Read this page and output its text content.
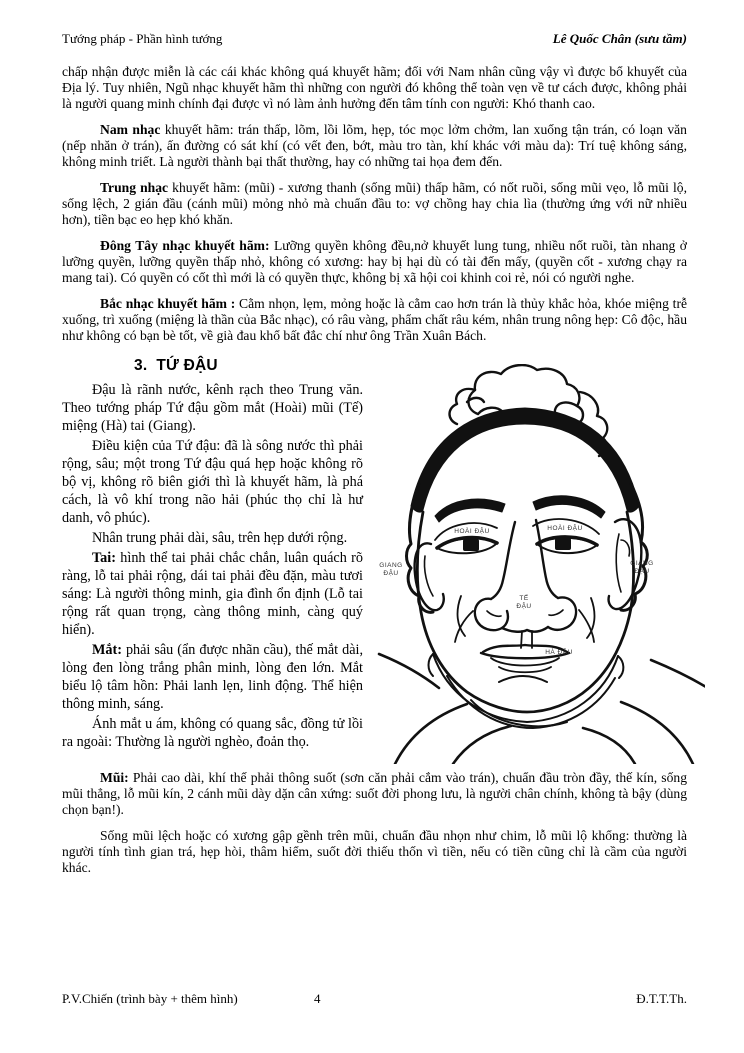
Tướng pháp - Phần hình tướng	Lê Quốc Chân (sưu tầm)

chấp nhận được miễn là các cái khác không quá khuyết hãm; đối với Nam nhân cũng vậy vì được bổ khuyết của Địa lý. Tuy nhiên, Ngũ nhạc khuyết hãm thì những con người đó không thể toàn vẹn về tư cách được, không phải là người quang minh chính đại được vì nó làm ảnh hưởng đến tâm tính con người: Khó thanh cao.

Nam nhạc khuyết hãm: trán thấp, lõm, lồi lõm, hẹp, tóc mọc lởm chởm, lan xuống tận trán, có loạn văn (nếp nhăn ở trán), ấn đường có sát khí (có vết đen, bớt, màu tro tàn, khí khác với màu da): Trí tuệ không sáng, không minh triết. Là người thành bại thất thường, hay có những tai họa đem đến.

Trung nhạc khuyết hãm: (mũi) - xương thanh (sống mũi) thấp hãm, có nốt ruồi, sống mũi vẹo, lỗ mũi lộ, sống lệch, 2 gián đầu (cánh mũi) mỏng nhỏ mà chuẩn đầu to: vợ chồng hay chia lìa (thường ứng với nữ nhiều hơn), tiền bạc eo hẹp khó khăn.

Đông Tây nhạc khuyết hãm: Lưỡng quyền không đều,nở khuyết lung tung, nhiều nốt ruồi, tàn nhang ở lưỡng quyền, lưỡng quyền thấp nhỏ, không có xương: hay bị hại dù có tài đến mấy, (quyền cốt - xương chạy ra mang tai). Có quyền có cốt thì mới là có quyền thực, không bị xã hội coi khinh coi rẻ, nói có người nghe.

Bắc nhạc khuyết hãm : Cằm nhọn, lẹm, mỏng hoặc là cằm cao hơn trán là thủy khắc hỏa, khóe miệng trễ xuống, trì xuống (miệng là thần của Bắc nhạc), có râu vàng, phẩm chất râu kém, nhân trung nông hẹp: Cô độc, hầu như không có bạn bè tốt, về già đau khổ bất đắc chí như ông Trần Xuân Bách.

HOÀI ĐẬU	HOÀI ĐẬU
GIANG
ĐẬU
GIANG
ĐẬU
TẾ
ĐẬU
HÀ ĐẬU
3.  TỨ ĐẬU

Đậu là rãnh nước, kênh rạch theo Trung văn. Theo tướng pháp Tứ đậu gồm mắt (Hoài) mũi (Tế) miệng (Hà) tai (Giang).

Điều kiện của Tứ đậu: đã là sông nước thì phải rộng, sâu; một trong Tứ đậu quá hẹp hoặc không rõ bộ vị, không rõ biên giới thì là khuyết hãm, là phá cách, là vô khí trong não hải (phúc thọ chỉ là hư danh, vô phúc).

Nhân trung phải dài, sâu, trên hẹp dưới rộng.

Tai: hình thể tai phải chắc chắn, luân quách rõ ràng, lỗ tai phải rộng, dái tai phải đều đặn, màu tươi sáng: Là người thông minh, gia đình ổn định (Lỗ tai rộng rất quan trọng, càng thông minh, càng quý hiển).

Mắt: phải sâu (ẩn được nhãn cầu), thế mắt dài, lòng đen lòng trắng phân minh, lòng đen lớn. Mắt biểu lộ tâm hồn: Phải lanh lẹn, linh động. Thể hiện thông minh, sáng.

Ánh mắt u ám, không có quang sắc, đồng tử lồi ra ngoài: Thường là người nghèo, đoản thọ.

Mũi: Phải cao dài, khí thế phải thông suốt (sơn căn phải cắm vào trán), chuẩn đầu tròn đầy, thế kín, sống mũi thẳng, lỗ mũi kín, 2 cánh mũi dày dặn cân xứng: suốt đời phong lưu, là người chân chính, không tà bậy (dùng chọn bạn!).

Sống mũi lệch hoặc có xương gập gềnh trên mũi, chuẩn đầu nhọn như chim, lỗ mũi lộ khổng: thường là người tính tình gian trá, hẹp hòi, thâm hiểm, suốt đời thiếu thốn vì tiền, nếu có tiền cũng chỉ là cầm của người khác.

P.V.Chiến (trình bày + thêm hình)	4	Đ.T.T.Th.
